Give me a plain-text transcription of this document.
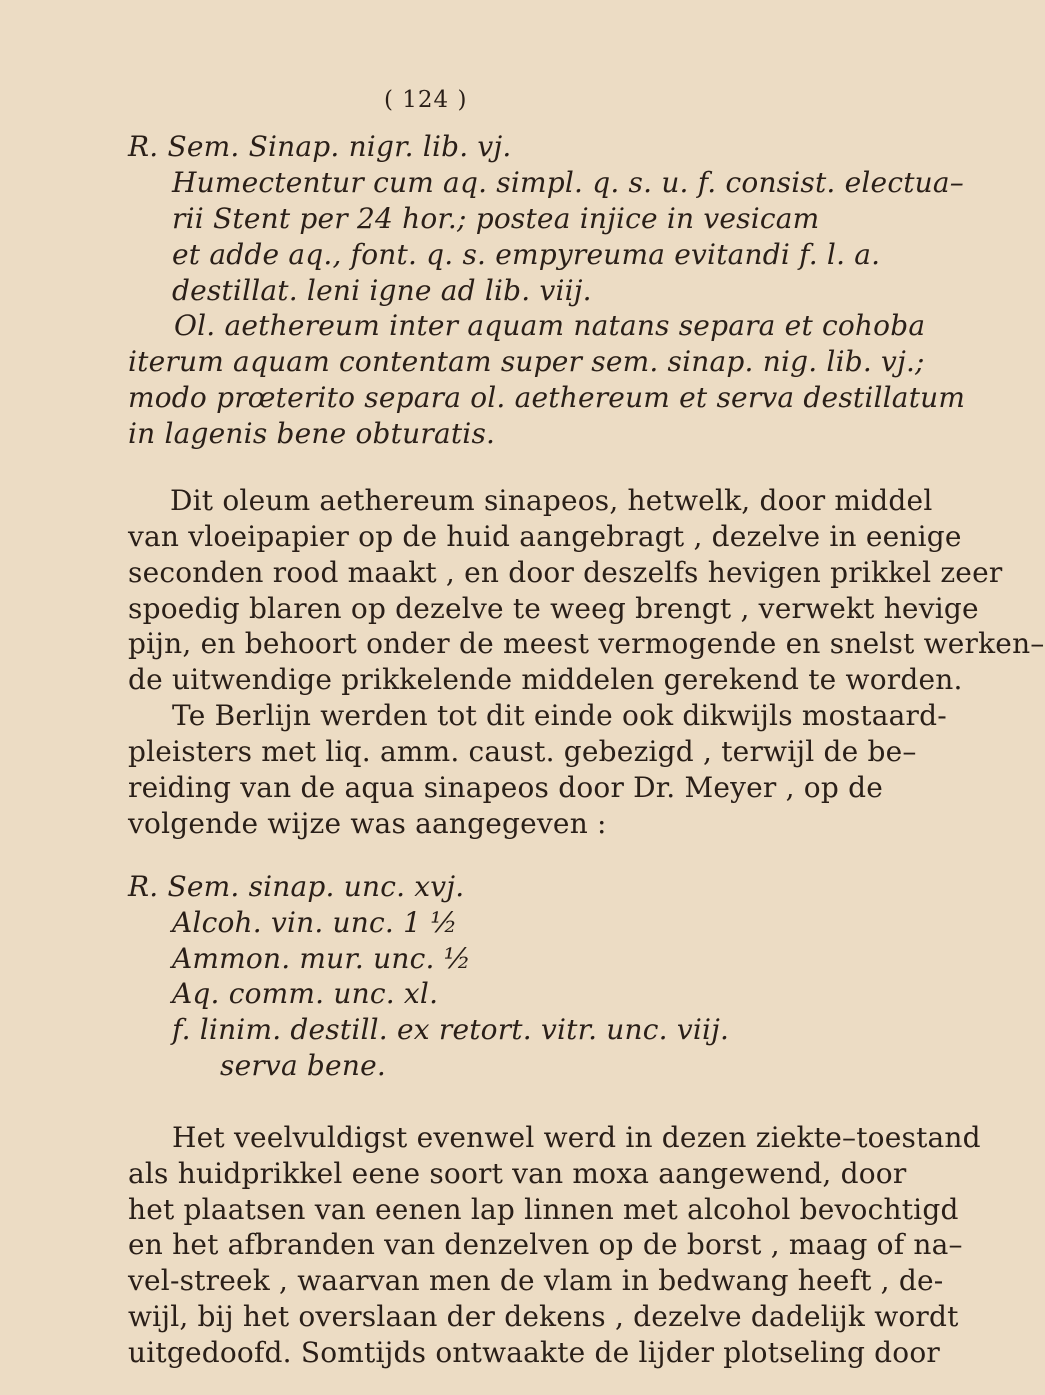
( 124 )
R. Sem. Sinap. nigr. lib. vj.
Humectentur cum aq. simpl. q. s. u. f. consist. electua–
rii Stent per 24 hor.; postea injice in vesicam
et adde aq., font. q. s. empyreuma evitandi f. l. a.
destillat. leni igne ad lib. viij.
Ol. aethereum inter aquam natans separa et cohoba
iterum aquam contentam super sem. sinap. nig. lib. vj.;
modo prœterito separa ol. aethereum et serva destillatum
in lagenis bene obturatis.
Dit oleum aethereum sinapeos, hetwelk, door middel
van vloeipapier op de huid aangebragt , dezelve in eenige
seconden rood maakt , en door deszelfs hevigen prikkel zeer
spoedig blaren op dezelve te weeg brengt , verwekt hevige
pijn, en behoort onder de meest vermogende en snelst werken–
de uitwendige prikkelende middelen gerekend te worden.
Te Berlijn werden tot dit einde ook dikwijls mostaard-
pleisters met liq. amm. caust. gebezigd , terwijl de be–
reiding van de aqua sinapeos door Dr. Meyer , op de
volgende wijze was aangegeven :
R. Sem. sinap. unc. xvj.
Alcoh. vin. unc. 1 ½
Ammon. mur. unc. ½
Aq. comm. unc. xl.
f. linim. destill. ex retort. vitr. unc. viij.
serva bene.
Het veelvuldigst evenwel werd in dezen ziekte–toestand
als huidprikkel eene soort van moxa aangewend, door
het plaatsen van eenen lap linnen met alcohol bevochtigd
en het afbranden van denzelven op de borst , maag of na–
vel-streek , waarvan men de vlam in bedwang heeft , de-
wijl, bij het overslaan der dekens , dezelve dadelijk wordt
uitgedoofd. Somtijds ontwaakte de lijder plotseling door
